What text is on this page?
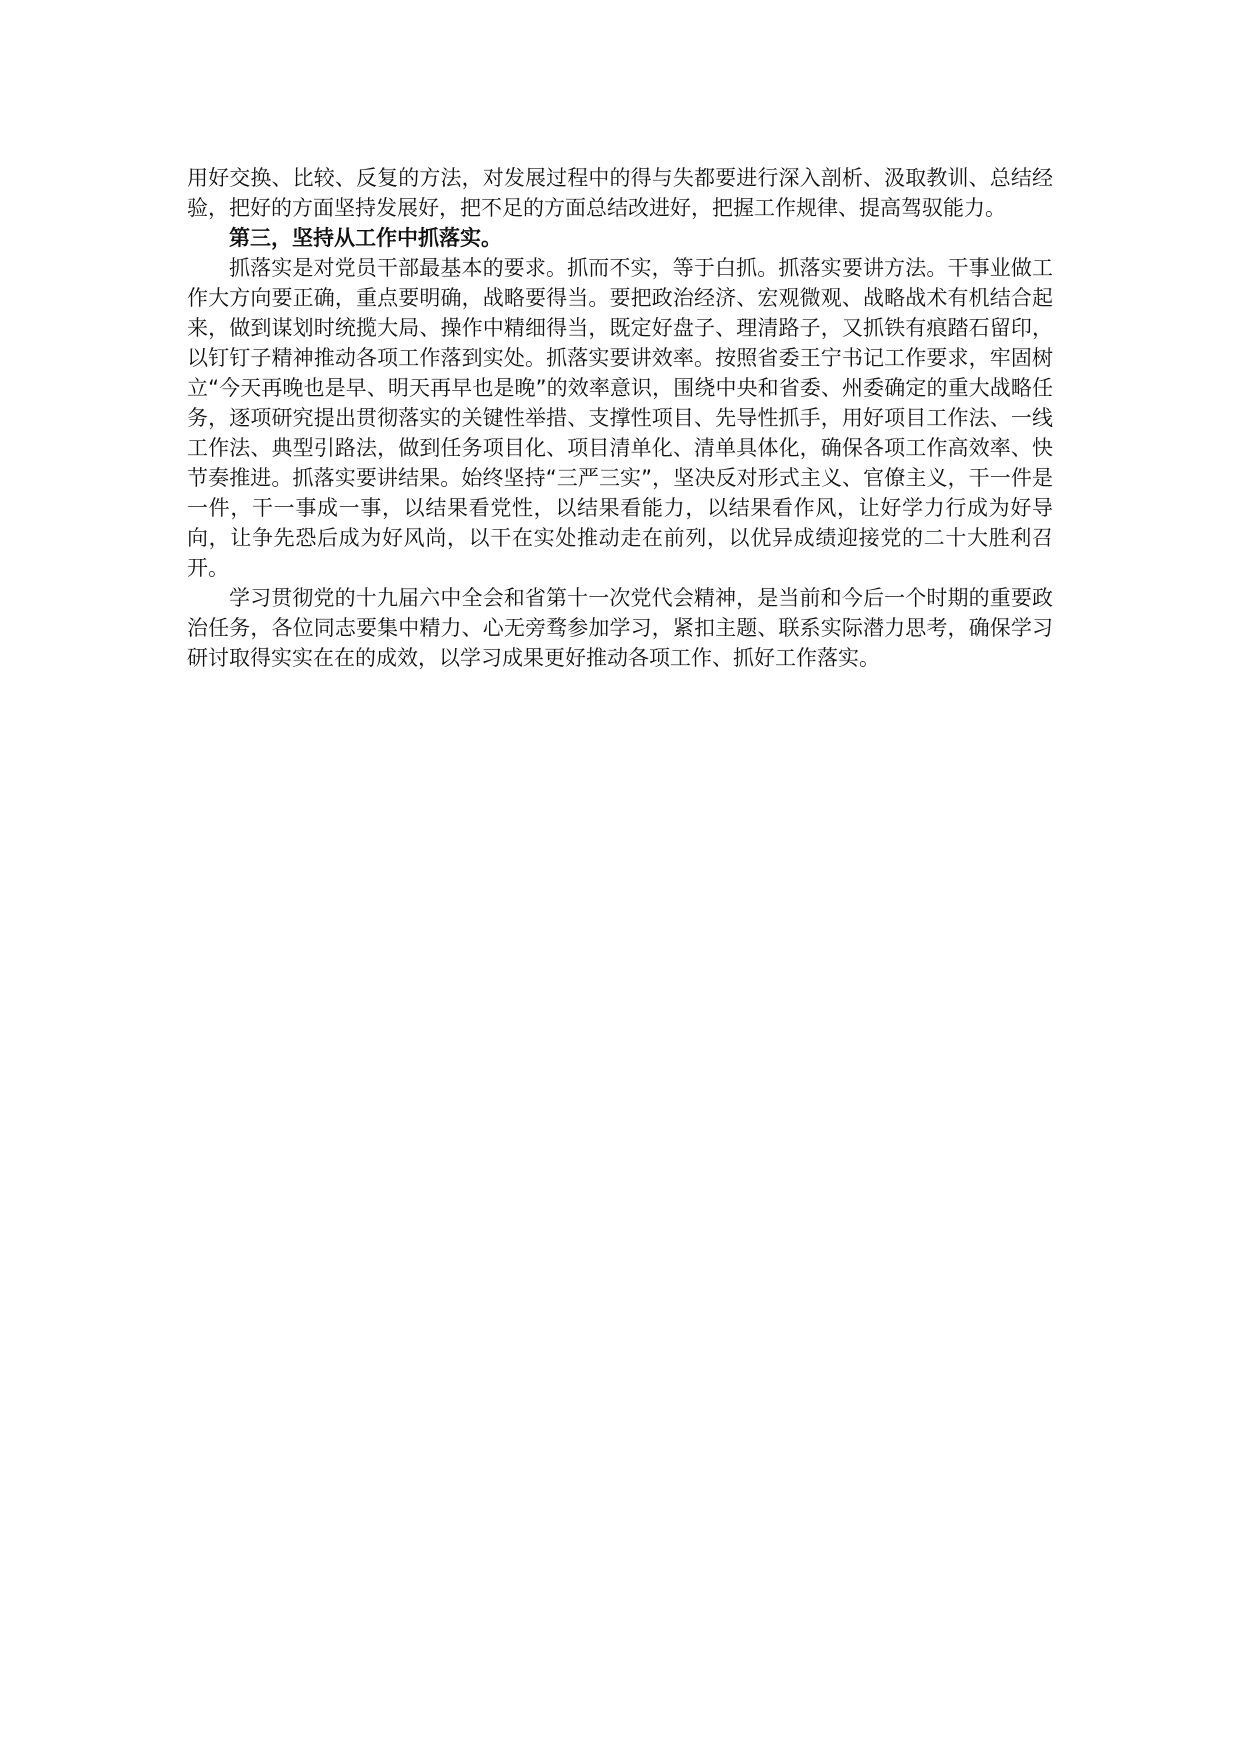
用好交换、比较、反复的方法，对发展过程中的得与失都要进行深入剖析、汲取教训、总结经验，把好的方面坚持发展好，把不足的方面总结改进好，把握工作规律、提高驾驭能力。

第三，坚持从工作中抓落实。

抓落实是对党员干部最基本的要求。抓而不实，等于白抓。抓落实要讲方法。干事业做工作大方向要正确，重点要明确，战略要得当。要把政治经济、宏观微观、战略战术有机结合起来，做到谋划时统揽大局、操作中精细得当，既定好盘子、理清路子，又抓铁有痕踏石留印，以钉钉子精神推动各项工作落到实处。抓落实要讲效率。按照省委王宁书记工作要求，牢固树立“今天再晚也是早、明天再早也是晚”的效率意识，围绕中央和省委、州委确定的重大战略任务，逐项研究提出贯彻落实的关键性举措、支撑性项目、先导性抓手，用好项目工作法、一线工作法、典型引路法，做到任务项目化、项目清单化、清单具体化，确保各项工作高效率、快节奏推进。抓落实要讲结果。始终坚持“三严三实”，坚决反对形式主义、官僚主义，干一件是一件，干一事成一事，以结果看党性，以结果看能力，以结果看作风，让好学力行成为好导向，让争先恐后成为好风尚，以干在实处推动走在前列，以优异成绩迎接党的二十大胜利召开。

学习贯彻党的十九届六中全会和省第十一次党代会精神，是当前和今后一个时期的重要政治任务，各位同志要集中精力、心无旁骛参加学习，紧扣主题、联系实际潜力思考，确保学习研讨取得实实在在的成效，以学习成果更好推动各项工作、抓好工作落实。
